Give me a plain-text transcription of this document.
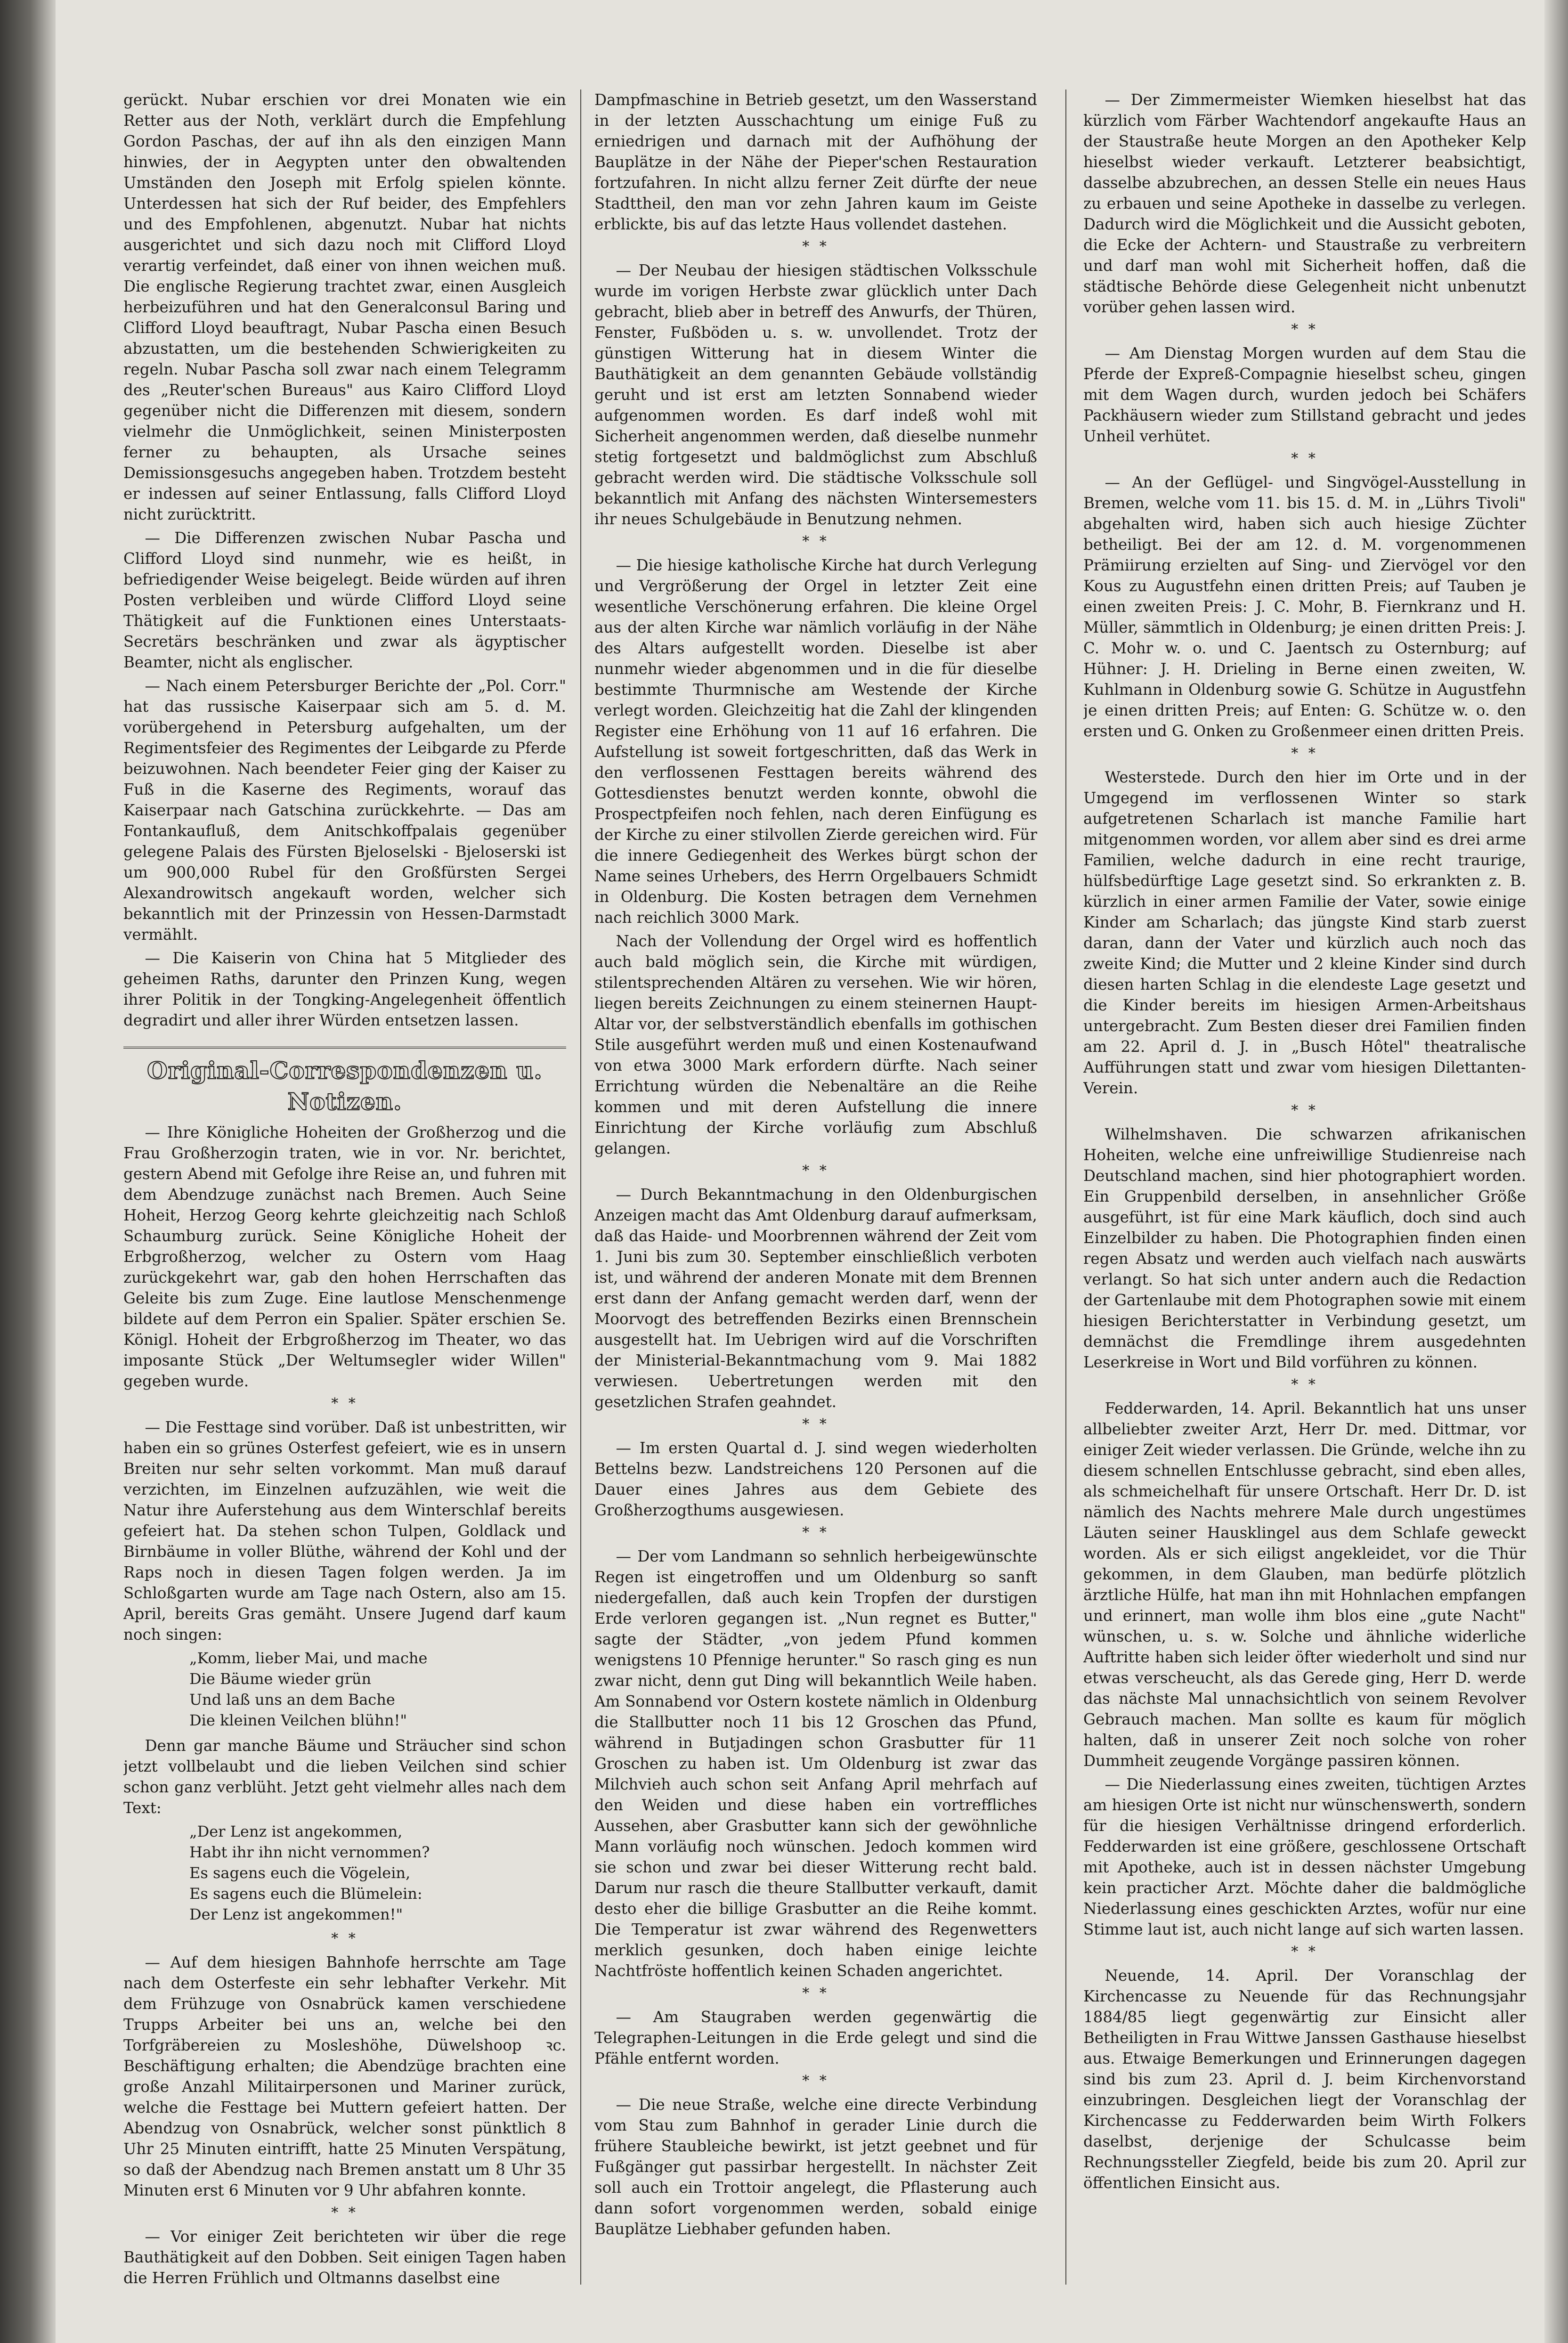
gerückt. Nubar erschien vor drei Monaten wie ein Retter aus der Noth, verklärt durch die Empfehlung Gordon Paschas, der auf ihn als den einzigen Mann hinwies, der in Aegypten unter den obwaltenden Umständen den Joseph mit Erfolg spielen könnte. Unterdessen hat sich der Ruf beider, des Empfehlers und des Empfohlenen, abgenutzt. Nubar hat nichts ausgerichtet und sich dazu noch mit Clifford Lloyd verartig verfeindet, daß einer von ihnen weichen muß. Die englische Regierung trachtet zwar, einen Ausgleich herbeizuführen und hat den Generalconsul Baring und Clifford Lloyd beauftragt, Nubar Pascha einen Besuch abzustatten, um die bestehenden Schwierigkeiten zu regeln. Nubar Pascha soll zwar nach einem Telegramm des „Reuter'schen Bureaus" aus Kairo Clifford Lloyd gegenüber nicht die Differenzen mit diesem, sondern vielmehr die Unmöglichkeit, seinen Ministerposten ferner zu behaupten, als Ursache seines Demissionsgesuchs angegeben haben. Trotzdem besteht er indessen auf seiner Entlassung, falls Clifford Lloyd nicht zurücktritt.

— Die Differenzen zwischen Nubar Pascha und Clifford Lloyd sind nunmehr, wie es heißt, in befriedigender Weise beigelegt. Beide würden auf ihren Posten verbleiben und würde Clifford Lloyd seine Thätigkeit auf die Funktionen eines Unterstaats-Secretärs beschränken und zwar als ägyptischer Beamter, nicht als englischer.

— Nach einem Petersburger Berichte der „Pol. Corr." hat das russische Kaiserpaar sich am 5. d. M. vorübergehend in Petersburg aufgehalten, um der Regimentsfeier des Regimentes der Leibgarde zu Pferde beizuwohnen. Nach beendeter Feier ging der Kaiser zu Fuß in die Kaserne des Regiments, worauf das Kaiserpaar nach Gatschina zurückkehrte. — Das am Fontankaufluß, dem Anitschkoffpalais gegenüber gelegene Palais des Fürsten Bjeloselski - Bjeloserski ist um 900,000 Rubel für den Großfürsten Sergei Alexandrowitsch angekauft worden, welcher sich bekanntlich mit der Prinzessin von Hessen-Darmstadt vermählt.

— Die Kaiserin von China hat 5 Mitglieder des geheimen Raths, darunter den Prinzen Kung, wegen ihrer Politik in der Tongking-Angelegenheit öffentlich degradirt und aller ihrer Würden entsetzen lassen.

Original-Correspondenzen u. Notizen.

— Ihre Königliche Hoheiten der Großherzog und die Frau Großherzogin traten, wie in vor. Nr. berichtet, gestern Abend mit Gefolge ihre Reise an, und fuhren mit dem Abendzuge zunächst nach Bremen. Auch Seine Hoheit, Herzog Georg kehrte gleichzeitig nach Schloß Schaumburg zurück. Seine Königliche Hoheit der Erbgroßherzog, welcher zu Ostern vom Haag zurückgekehrt war, gab den hohen Herrschaften das Geleite bis zum Zuge. Eine lautlose Menschenmenge bildete auf dem Perron ein Spalier. Später erschien Se. Königl. Hoheit der Erbgroßherzog im Theater, wo das imposante Stück „Der Weltumsegler wider Willen" gegeben wurde.

* *

— Die Festtage sind vorüber. Daß ist unbestritten, wir haben ein so grünes Osterfest gefeiert, wie es in unsern Breiten nur sehr selten vorkommt. Man muß darauf verzichten, im Einzelnen aufzuzählen, wie weit die Natur ihre Auferstehung aus dem Winterschlaf bereits gefeiert hat. Da stehen schon Tulpen, Goldlack und Birnbäume in voller Blüthe, während der Kohl und der Raps noch in diesen Tagen folgen werden. Ja im Schloßgarten wurde am Tage nach Ostern, also am 15. April, bereits Gras gemäht. Unsere Jugend darf kaum noch singen:

„Komm, lieber Mai, und mache
Die Bäume wieder grün
Und laß uns an dem Bache
Die kleinen Veilchen blühn!"

Denn gar manche Bäume und Sträucher sind schon jetzt vollbelaubt und die lieben Veilchen sind schier schon ganz verblüht. Jetzt geht vielmehr alles nach dem Text:

„Der Lenz ist angekommen,
Habt ihr ihn nicht vernommen?
Es sagens euch die Vögelein,
Es sagens euch die Blümelein:
Der Lenz ist angekommen!"
* *

— Auf dem hiesigen Bahnhofe herrschte am Tage nach dem Osterfeste ein sehr lebhafter Verkehr. Mit dem Frühzuge von Osnabrück kamen verschiedene Trupps Arbeiter bei uns an, welche bei den Torfgräbereien zu Mosleshöhe, Düwelshoop ꝛc. Beschäftigung erhalten; die Abendzüge brachten eine große Anzahl Militairpersonen und Mariner zurück, welche die Festtage bei Muttern gefeiert hatten. Der Abendzug von Osnabrück, welcher sonst pünktlich 8 Uhr 25 Minuten eintrifft, hatte 25 Minuten Verspätung, so daß der Abendzug nach Bremen anstatt um 8 Uhr 35 Minuten erst 6 Minuten vor 9 Uhr abfahren konnte.

* *

— Vor einiger Zeit berichteten wir über die rege Bauthätigkeit auf den Dobben. Seit einigen Tagen haben die Herren Frühlich und Oltmanns daselbst eine

Dampfmaschine in Betrieb gesetzt, um den Wasserstand in der letzten Ausschachtung um einige Fuß zu erniedrigen und darnach mit der Aufhöhung der Bauplätze in der Nähe der Pieper'schen Restauration fortzufahren. In nicht allzu ferner Zeit dürfte der neue Stadttheil, den man vor zehn Jahren kaum im Geiste erblickte, bis auf das letzte Haus vollendet dastehen.

* *

— Der Neubau der hiesigen städtischen Volksschule wurde im vorigen Herbste zwar glücklich unter Dach gebracht, blieb aber in betreff des Anwurfs, der Thüren, Fenster, Fußböden u. s. w. unvollendet. Trotz der günstigen Witterung hat in diesem Winter die Bauthätigkeit an dem genannten Gebäude vollständig geruht und ist erst am letzten Sonnabend wieder aufgenommen worden. Es darf indeß wohl mit Sicherheit angenommen werden, daß dieselbe nunmehr stetig fortgesetzt und baldmöglichst zum Abschluß gebracht werden wird. Die städtische Volksschule soll bekanntlich mit Anfang des nächsten Wintersemesters ihr neues Schulgebäude in Benutzung nehmen.

* *

— Die hiesige katholische Kirche hat durch Verlegung und Vergrößerung der Orgel in letzter Zeit eine wesentliche Verschönerung erfahren. Die kleine Orgel aus der alten Kirche war nämlich vorläufig in der Nähe des Altars aufgestellt worden. Dieselbe ist aber nunmehr wieder abgenommen und in die für dieselbe bestimmte Thurmnische am Westende der Kirche verlegt worden. Gleichzeitig hat die Zahl der klingenden Register eine Erhöhung von 11 auf 16 erfahren. Die Aufstellung ist soweit fortgeschritten, daß das Werk in den verflossenen Festtagen bereits während des Gottesdienstes benutzt werden konnte, obwohl die Prospectpfeifen noch fehlen, nach deren Einfügung es der Kirche zu einer stilvollen Zierde gereichen wird. Für die innere Gediegenheit des Werkes bürgt schon der Name seines Urhebers, des Herrn Orgelbauers Schmidt in Oldenburg. Die Kosten betragen dem Vernehmen nach reichlich 3000 Mark.

Nach der Vollendung der Orgel wird es hoffentlich auch bald möglich sein, die Kirche mit würdigen, stilentsprechenden Altären zu versehen. Wie wir hören, liegen bereits Zeichnungen zu einem steinernen Haupt-Altar vor, der selbstverständlich ebenfalls im gothischen Stile ausgeführt werden muß und einen Kostenaufwand von etwa 3000 Mark erfordern dürfte. Nach seiner Errichtung würden die Nebenaltäre an die Reihe kommen und mit deren Aufstellung die innere Einrichtung der Kirche vorläufig zum Abschluß gelangen.

* *

— Durch Bekanntmachung in den Oldenburgischen Anzeigen macht das Amt Oldenburg darauf aufmerksam, daß das Haide- und Moorbrennen während der Zeit vom 1. Juni bis zum 30. September einschließlich verboten ist, und während der anderen Monate mit dem Brennen erst dann der Anfang gemacht werden darf, wenn der Moorvogt des betreffenden Bezirks einen Brennschein ausgestellt hat. Im Uebrigen wird auf die Vorschriften der Ministerial-Bekanntmachung vom 9. Mai 1882 verwiesen. Uebertretungen werden mit den gesetzlichen Strafen geahndet.

* *

— Im ersten Quartal d. J. sind wegen wiederholten Bettelns bezw. Landstreichens 120 Personen auf die Dauer eines Jahres aus dem Gebiete des Großherzogthums ausgewiesen.

* *

— Der vom Landmann so sehnlich herbeigewünschte Regen ist eingetroffen und um Oldenburg so sanft niedergefallen, daß auch kein Tropfen der durstigen Erde verloren gegangen ist. „Nun regnet es Butter," sagte der Städter, „von jedem Pfund kommen wenigstens 10 Pfennige herunter." So rasch ging es nun zwar nicht, denn gut Ding will bekanntlich Weile haben. Am Sonnabend vor Ostern kostete nämlich in Oldenburg die Stallbutter noch 11 bis 12 Groschen das Pfund, während in Butjadingen schon Grasbutter für 11 Groschen zu haben ist. Um Oldenburg ist zwar das Milchvieh auch schon seit Anfang April mehrfach auf den Weiden und diese haben ein vortreffliches Aussehen, aber Grasbutter kann sich der gewöhnliche Mann vorläufig noch wünschen. Jedoch kommen wird sie schon und zwar bei dieser Witterung recht bald. Darum nur rasch die theure Stallbutter verkauft, damit desto eher die billige Grasbutter an die Reihe kommt. Die Temperatur ist zwar während des Regenwetters merklich gesunken, doch haben einige leichte Nachtfröste hoffentlich keinen Schaden angerichtet.

* *

— Am Staugraben werden gegenwärtig die Telegraphen-Leitungen in die Erde gelegt und sind die Pfähle entfernt worden.

* *

— Die neue Straße, welche eine directe Verbindung vom Stau zum Bahnhof in gerader Linie durch die frühere Staubleiche bewirkt, ist jetzt geebnet und für Fußgänger gut passirbar hergestellt. In nächster Zeit soll auch ein Trottoir angelegt, die Pflasterung auch dann sofort vorgenommen werden, sobald einige Bauplätze Liebhaber gefunden haben.

— Der Zimmermeister Wiemken hieselbst hat das kürzlich vom Färber Wachtendorf angekaufte Haus an der Staustraße heute Morgen an den Apotheker Kelp hieselbst wieder verkauft. Letzterer beabsichtigt, dasselbe abzubrechen, an dessen Stelle ein neues Haus zu erbauen und seine Apotheke in dasselbe zu verlegen. Dadurch wird die Möglichkeit und die Aussicht geboten, die Ecke der Achtern- und Staustraße zu verbreitern und darf man wohl mit Sicherheit hoffen, daß die städtische Behörde diese Gelegenheit nicht unbenutzt vorüber gehen lassen wird.

* *

— Am Dienstag Morgen wurden auf dem Stau die Pferde der Expreß-Compagnie hieselbst scheu, gingen mit dem Wagen durch, wurden jedoch bei Schäfers Packhäusern wieder zum Stillstand gebracht und jedes Unheil verhütet.

* *

— An der Geflügel- und Singvögel-Ausstellung in Bremen, welche vom 11. bis 15. d. M. in „Lührs Tivoli" abgehalten wird, haben sich auch hiesige Züchter betheiligt. Bei der am 12. d. M. vorgenommenen Prämiirung erzielten auf Sing- und Ziervögel vor den Kous zu Augustfehn einen dritten Preis; auf Tauben je einen zweiten Preis: J. C. Mohr, B. Fiernkranz und H. Müller, sämmtlich in Oldenburg; je einen dritten Preis: J. C. Mohr w. o. und C. Jaentsch zu Osternburg; auf Hühner: J. H. Drieling in Berne einen zweiten, W. Kuhlmann in Oldenburg sowie G. Schütze in Augustfehn je einen dritten Preis; auf Enten: G. Schütze w. o. den ersten und G. Onken zu Großenmeer einen dritten Preis.

* *

Westerstede. Durch den hier im Orte und in der Umgegend im verflossenen Winter so stark aufgetretenen Scharlach ist manche Familie hart mitgenommen worden, vor allem aber sind es drei arme Familien, welche dadurch in eine recht traurige, hülfsbedürftige Lage gesetzt sind. So erkrankten z. B. kürzlich in einer armen Familie der Vater, sowie einige Kinder am Scharlach; das jüngste Kind starb zuerst daran, dann der Vater und kürzlich auch noch das zweite Kind; die Mutter und 2 kleine Kinder sind durch diesen harten Schlag in die elendeste Lage gesetzt und die Kinder bereits im hiesigen Armen-Arbeitshaus untergebracht. Zum Besten dieser drei Familien finden am 22. April d. J. in „Busch Hôtel" theatralische Aufführungen statt und zwar vom hiesigen Dilettanten-Verein.

* *

Wilhelmshaven. Die schwarzen afrikanischen Hoheiten, welche eine unfreiwillige Studienreise nach Deutschland machen, sind hier photographiert worden. Ein Gruppenbild derselben, in ansehnlicher Größe ausgeführt, ist für eine Mark käuflich, doch sind auch Einzelbilder zu haben. Die Photographien finden einen regen Absatz und werden auch vielfach nach auswärts verlangt. So hat sich unter andern auch die Redaction der Gartenlaube mit dem Photographen sowie mit einem hiesigen Berichterstatter in Verbindung gesetzt, um demnächst die Fremdlinge ihrem ausgedehnten Leserkreise in Wort und Bild vorführen zu können.

* *

Fedderwarden, 14. April. Bekanntlich hat uns unser allbeliebter zweiter Arzt, Herr Dr. med. Dittmar, vor einiger Zeit wieder verlassen. Die Gründe, welche ihn zu diesem schnellen Entschlusse gebracht, sind eben alles, als schmeichelhaft für unsere Ortschaft. Herr Dr. D. ist nämlich des Nachts mehrere Male durch ungestümes Läuten seiner Hausklingel aus dem Schlafe geweckt worden. Als er sich eiligst angekleidet, vor die Thür gekommen, in dem Glauben, man bedürfe plötzlich ärztliche Hülfe, hat man ihn mit Hohnlachen empfangen und erinnert, man wolle ihm blos eine „gute Nacht" wünschen, u. s. w. Solche und ähnliche widerliche Auftritte haben sich leider öfter wiederholt und sind nur etwas verscheucht, als das Gerede ging, Herr D. werde das nächste Mal unnachsichtlich von seinem Revolver Gebrauch machen. Man sollte es kaum für möglich halten, daß in unserer Zeit noch solche von roher Dummheit zeugende Vorgänge passiren können.

— Die Niederlassung eines zweiten, tüchtigen Arztes am hiesigen Orte ist nicht nur wünschenswerth, sondern für die hiesigen Verhältnisse dringend erforderlich. Fedderwarden ist eine größere, geschlossene Ortschaft mit Apotheke, auch ist in dessen nächster Umgebung kein practicher Arzt. Möchte daher die baldmögliche Niederlassung eines geschickten Arztes, wofür nur eine Stimme laut ist, auch nicht lange auf sich warten lassen.

* *

Neuende, 14. April. Der Voranschlag der Kirchencasse zu Neuende für das Rechnungsjahr 1884/85 liegt gegenwärtig zur Einsicht aller Betheiligten in Frau Wittwe Janssen Gasthause hieselbst aus. Etwaige Bemerkungen und Erinnerungen dagegen sind bis zum 23. April d. J. beim Kirchenvorstand einzubringen. Desgleichen liegt der Voranschlag der Kirchencasse zu Fedderwarden beim Wirth Folkers daselbst, derjenige der Schulcasse beim Rechnungssteller Ziegfeld, beide bis zum 20. April zur öffentlichen Einsicht aus.
